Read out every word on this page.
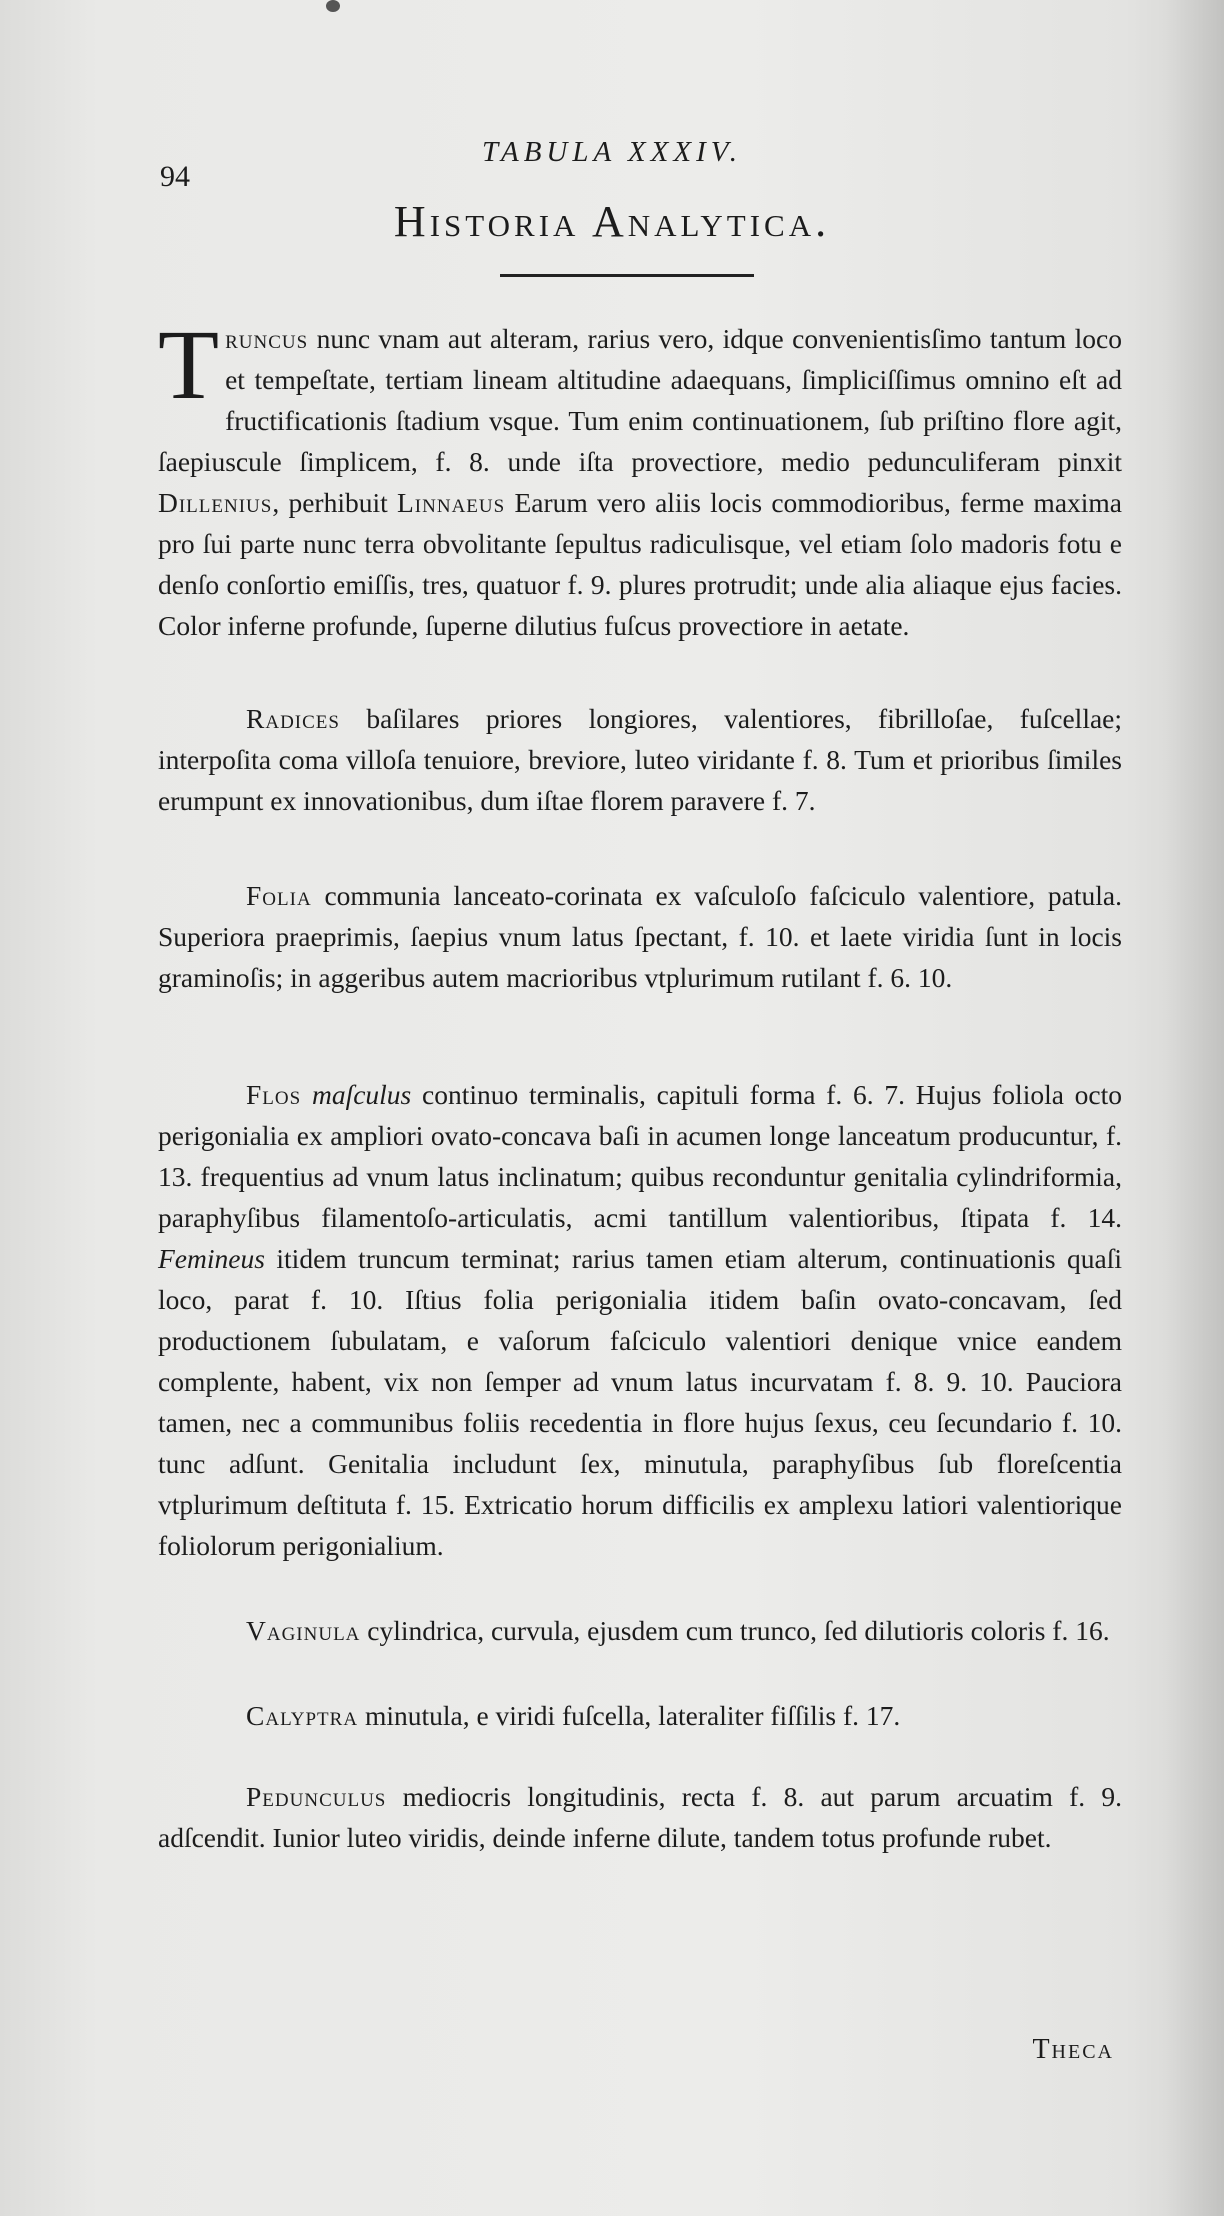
TABULA XXXIV.
94
Historia Analytica.

Truncus nunc vnam aut alteram, rarius vero, idque convenientisſimo tantum loco et tempeſtate, tertiam lineam altitudine adaequans, ſimpliciſſimus omnino eſt ad fructificationis ſtadium vsque. Tum enim continuationem, ſub priſtino flore agit, ſaepiuscule ſimplicem, f. 8. unde iſta provectiore, medio pedunculiferam pinxit Dillenius, perhibuit Linnaeus Earum vero aliis locis commodioribus, ferme maxima pro ſui parte nunc terra obvolitante ſepultus radiculisque, vel etiam ſolo madoris fotu e denſo conſortio emiſſis, tres, quatuor f. 9. plures protrudit; unde alia aliaque ejus facies. Color inferne profunde, ſuperne dilutius fuſcus provectiore in aetate.

Radices baſilares priores longiores, valentiores, fibrilloſae, fuſcellae; interpoſita coma villoſa tenuiore, breviore, luteo viridante f. 8. Tum et prioribus ſimiles erumpunt ex innovationibus, dum iſtae florem paravere f. 7.

Folia communia lanceato-corinata ex vaſculoſo faſciculo valentiore, patula. Superiora praeprimis, ſaepius vnum latus ſpectant, f. 10. et laete viridia ſunt in locis graminoſis; in aggeribus autem macrioribus vtplurimum rutilant f. 6. 10.

Flos maſculus continuo terminalis, capituli forma f. 6. 7. Hujus foliola octo perigonialia ex ampliori ovato-concava baſi in acumen longe lanceatum producuntur, f. 13. frequentius ad vnum latus inclinatum; quibus reconduntur genitalia cylindriformia, paraphyſibus filamentoſo-articulatis, acmi tantillum valentioribus, ſtipata f. 14. Femineus itidem truncum terminat; rarius tamen etiam alterum, continuationis quaſi loco, parat f. 10. Iſtius folia perigonialia itidem baſin ovato-concavam, ſed productionem ſubulatam, e vaſorum faſciculo valentiori denique vnice eandem complente, habent, vix non ſemper ad vnum latus incurvatam f. 8. 9. 10. Pauciora tamen, nec a communibus foliis recedentia in flore hujus ſexus, ceu ſecundario f. 10. tunc adſunt. Genitalia includunt ſex, minutula, paraphyſibus ſub floreſcentia vtplurimum deſtituta f. 15. Extricatio horum difficilis ex amplexu latiori valentiorique foliolorum perigonialium.

Vaginula cylindrica, curvula, ejusdem cum trunco, ſed dilutioris coloris f. 16.

Calyptra minutula, e viridi fuſcella, lateraliter fiſſilis f. 17.

Pedunculus mediocris longitudinis, recta f. 8. aut parum arcuatim f. 9. adſcendit. Iunior luteo viridis, deinde inferne dilute, tandem totus profunde rubet.

Theca
